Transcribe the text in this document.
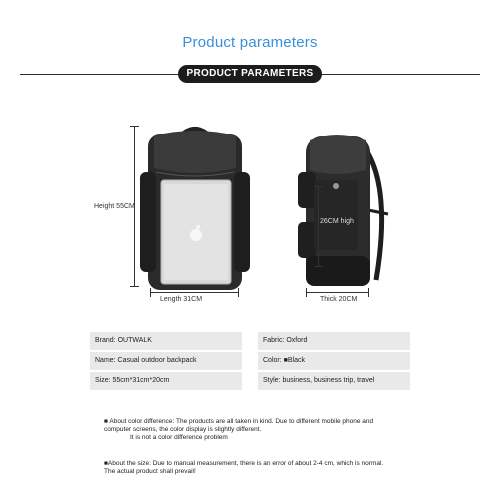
Product parameters
PRODUCT PARAMETERS
Height 55CM
Length 31CM
26CM high
Thick 20CM
Brand: OUTWALK	Fabric: Oxford
Name: Casual outdoor backpack	Color: ■Black
Size: 55cm*31cm*20cm	Style: business, business trip, travel
■ About color difference: The products are all taken in kind. Due to different mobile phone and
computer screens, the color display is slightly different.
It is not a color difference problem
■About the size: Due to manual measurement, there is an error of about 2-4 cm, which is normal.
The actual product shall prevail!
